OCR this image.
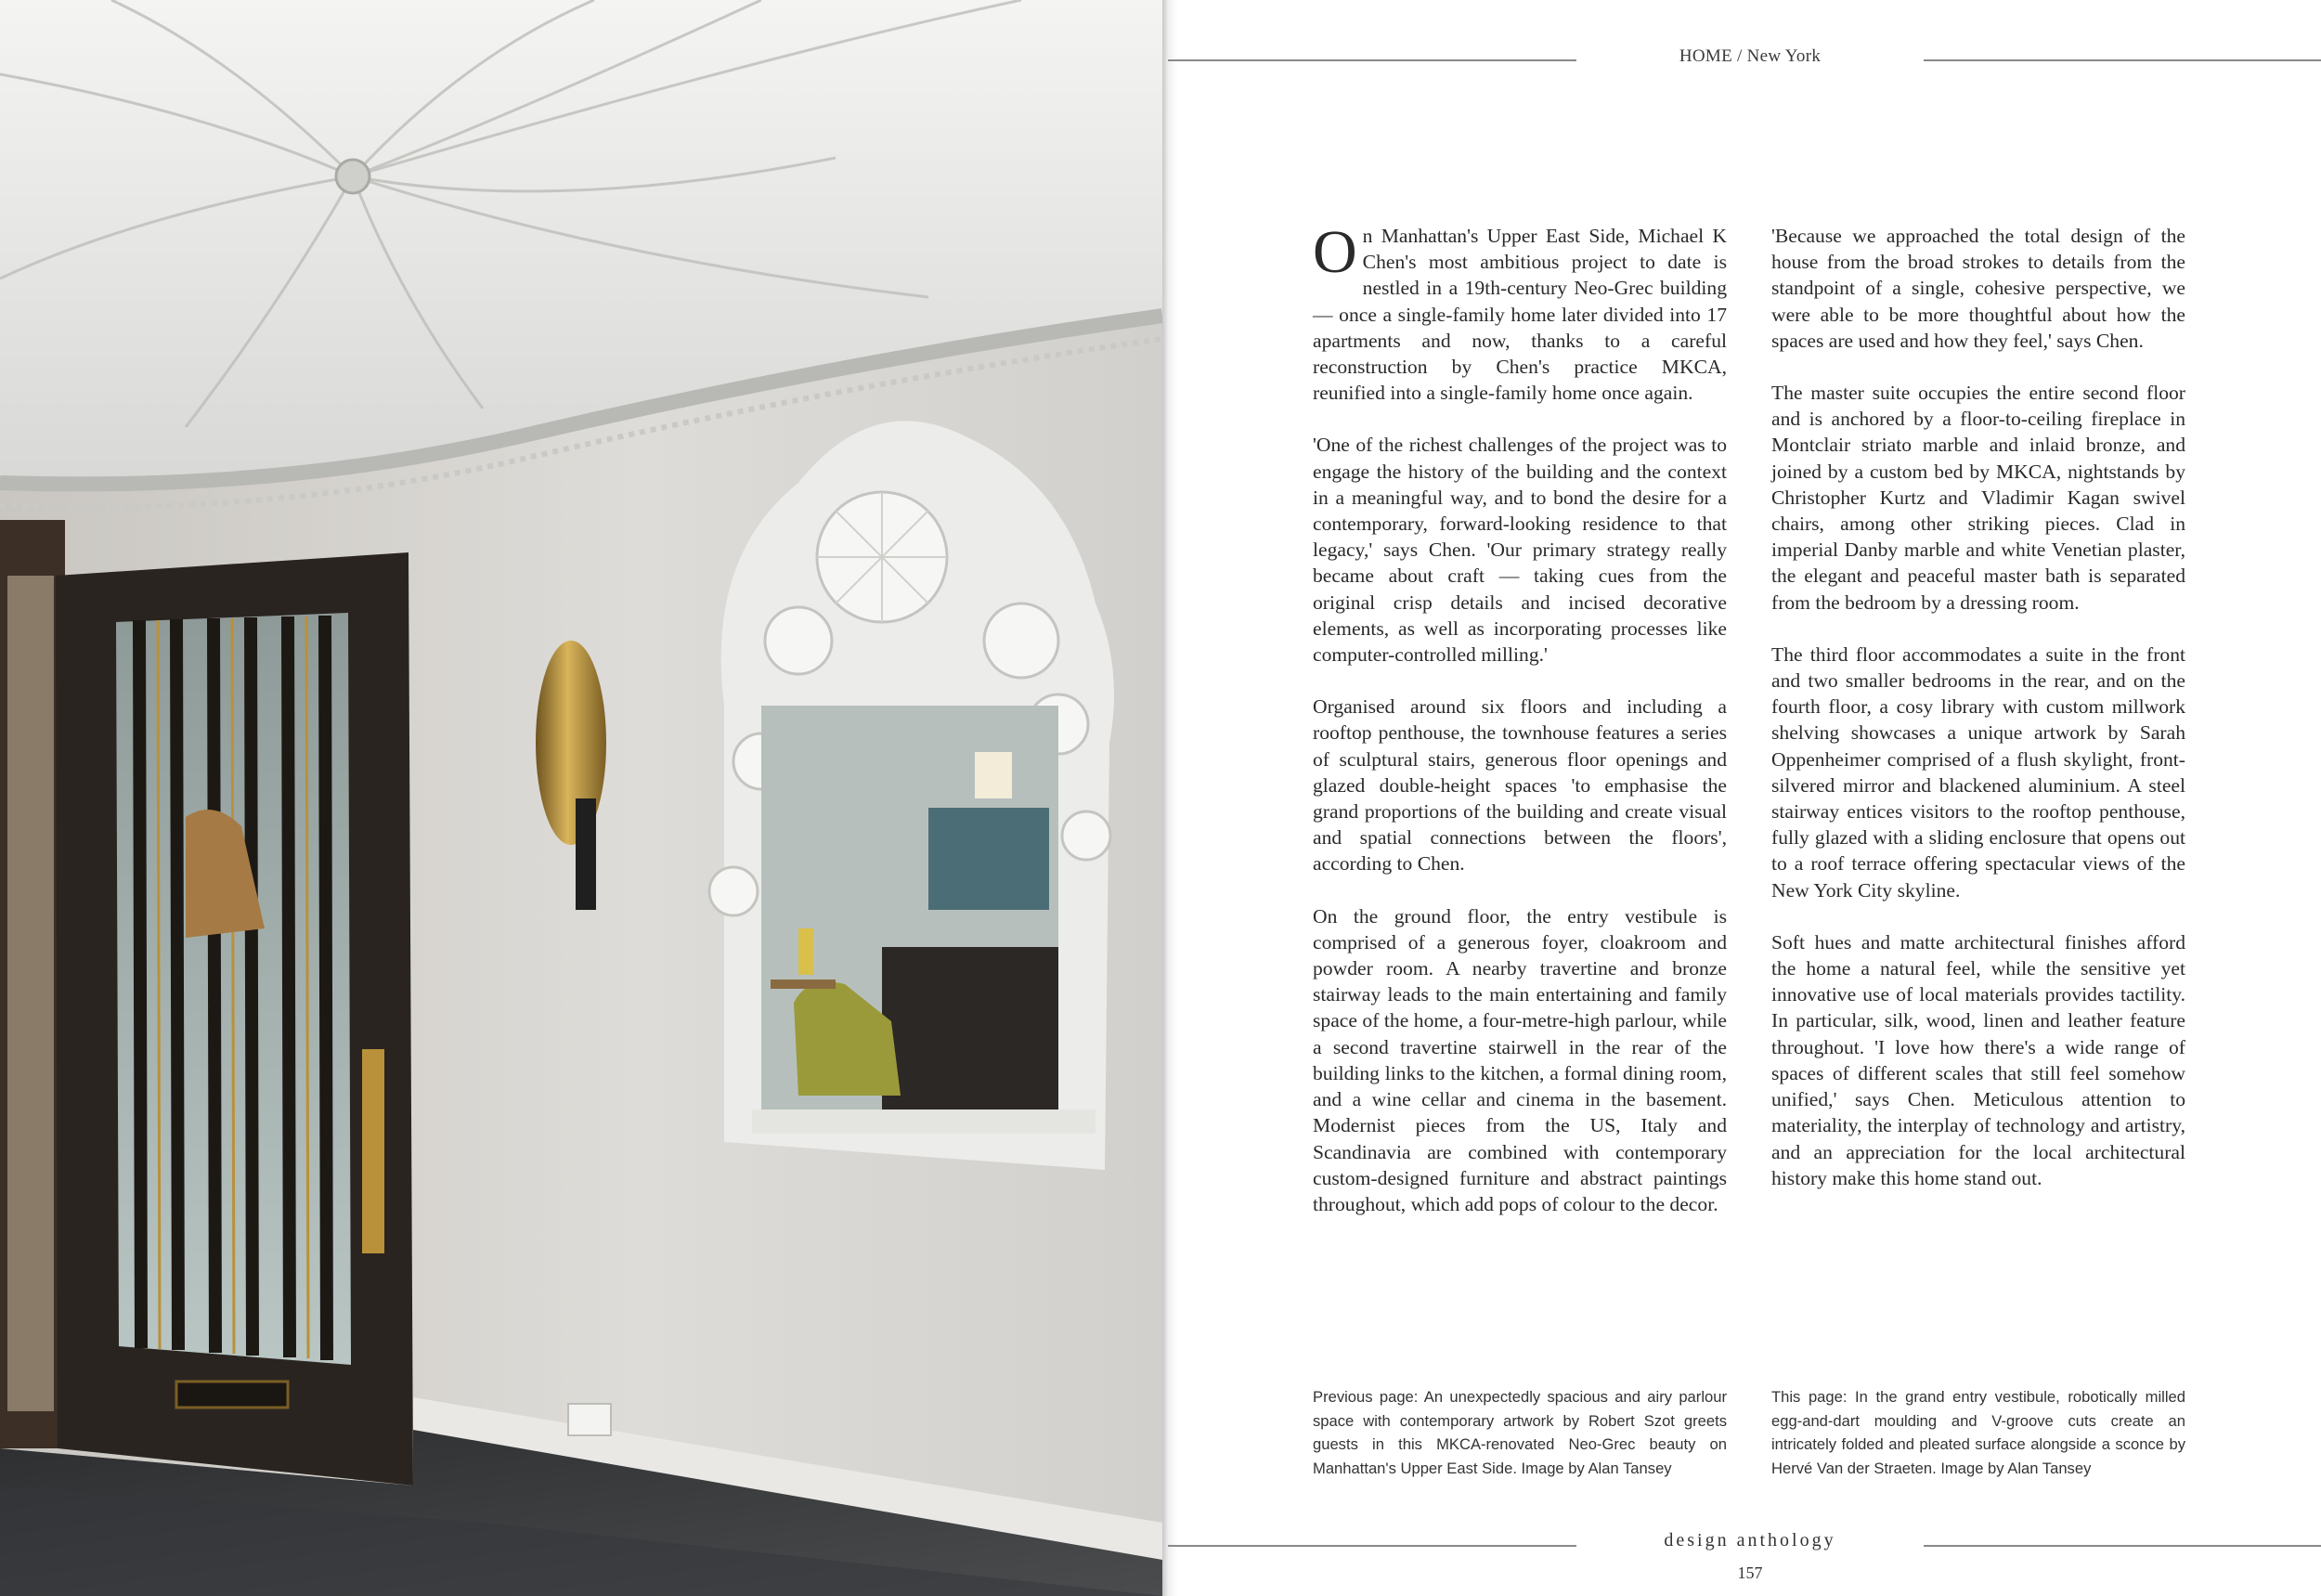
HOME / New York

On Manhattan's Upper East Side, Michael K Chen's most ambitious project to date is nestled in a 19th-century Neo-Grec building — once a single-family home later divided into 17 apartments and now, thanks to a careful reconstruction by Chen's practice MKCA, reunified into a single-family home once again.

'One of the richest challenges of the project was to engage the history of the building and the context in a meaningful way, and to bond the desire for a contemporary, forward-looking residence to that legacy,' says Chen. 'Our primary strategy really became about craft — taking cues from the original crisp details and incised decorative elements, as well as incorporating processes like computer-controlled milling.'

Organised around six floors and including a rooftop penthouse, the townhouse features a series of sculptural stairs, generous floor openings and glazed double-height spaces 'to emphasise the grand proportions of the building and create visual and spatial connections between the floors', according to Chen.

On the ground floor, the entry vestibule is comprised of a generous foyer, cloakroom and powder room. A nearby travertine and bronze stairway leads to the main entertaining and family space of the home, a four-metre-high parlour, while a second travertine stairwell in the rear of the building links to the kitchen, a formal dining room, and a wine cellar and cinema in the basement. Modernist pieces from the US, Italy and Scandinavia are combined with contemporary custom-designed furniture and abstract paintings throughout, which add pops of colour to the decor.

'Because we approached the total design of the house from the broad strokes to details from the standpoint of a single, cohesive perspective, we were able to be more thoughtful about how the spaces are used and how they feel,' says Chen.

The master suite occupies the entire second floor and is anchored by a floor-to-ceiling fireplace in Montclair striato marble and inlaid bronze, and joined by a custom bed by MKCA, nightstands by Christopher Kurtz and Vladimir Kagan swivel chairs, among other striking pieces. Clad in imperial Danby marble and white Venetian plaster, the elegant and peaceful master bath is separated from the bedroom by a dressing room.

The third floor accommodates a suite in the front and two smaller bedrooms in the rear, and on the fourth floor, a cosy library with custom millwork shelving showcases a unique artwork by Sarah Oppenheimer comprised of a flush skylight, front-silvered mirror and blackened aluminium. A steel stairway entices visitors to the rooftop penthouse, fully glazed with a sliding enclosure that opens out to a roof terrace offering spectacular views of the New York City skyline.

Soft hues and matte architectural finishes afford the home a natural feel, while the sensitive yet innovative use of local materials provides tactility. In particular, silk, wood, linen and leather feature throughout. 'I love how there's a wide range of spaces of different scales that still feel somehow unified,' says Chen. Meticulous attention to materiality, the interplay of technology and artistry, and an appreciation for the local architectural history make this home stand out.

Previous page: An unexpectedly spacious and airy parlour space with contemporary artwork by Robert Szot greets guests in this MKCA-renovated Neo-Grec beauty on Manhattan's Upper East Side. Image by Alan Tansey
This page: In the grand entry vestibule, robotically milled egg-and-dart moulding and V-groove cuts create an intricately folded and pleated surface alongside a sconce by Hervé Van der Straeten. Image by Alan Tansey
design anthology
157
